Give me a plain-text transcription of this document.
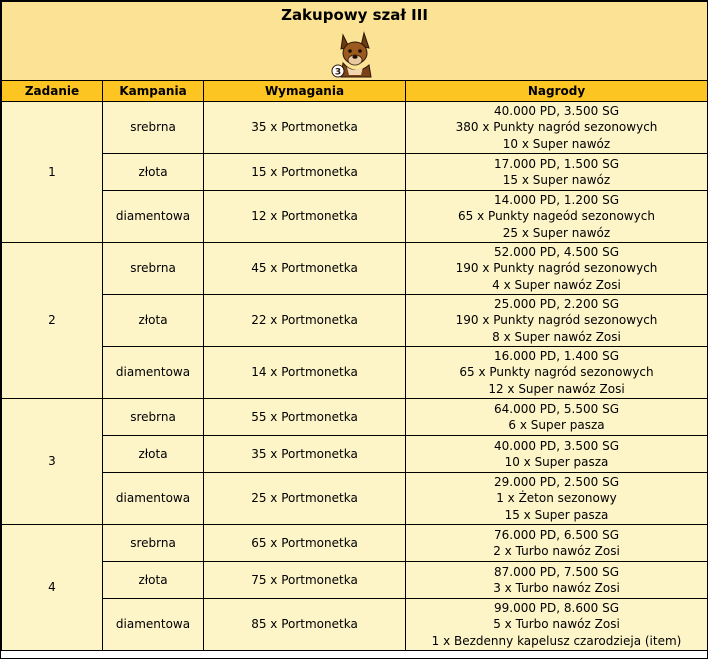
Zakupowy szał III			

3			

Zadanie	Kampania	Wymagania	Nagrody
1	srebrna	35 x Portmonetka	40.000 PD, 3.500 SG
380 x Punkty nagród sezonowych
10 x Super nawóz

	złota	15 x Portmonetka	17.000 PD, 1.500 SG
15 x Super nawóz

	diamentowa	12 x Portmonetka	14.000 PD, 1.200 SG
65 x Punkty nageód sezonowych
25 x Super nawóz

2	srebrna	45 x Portmonetka	52.000 PD, 4.500 SG
190 x Punkty nagród sezonowych
4 x Super nawóz Zosi

	złota	22 x Portmonetka	25.000 PD, 2.200 SG
190 x Punkty nagród sezonowych
8 x Super nawóz Zosi

	diamentowa	14 x Portmonetka	16.000 PD, 1.400 SG
65 x Punkty nagród sezonowych
12 x Super nawóz Zosi

3	srebrna	55 x Portmonetka	64.000 PD, 5.500 SG
6 x Super pasza

	złota	35 x Portmonetka	40.000 PD, 3.500 SG
10 x Super pasza

	diamentowa	25 x Portmonetka	29.000 PD, 2.500 SG
1 x Żeton sezonowy
15 x Super pasza

4	srebrna	65 x Portmonetka	76.000 PD, 6.500 SG
2 x Turbo nawóz Zosi

	złota	75 x Portmonetka	87.000 PD, 7.500 SG
3 x Turbo nawóz Zosi

	diamentowa	85 x Portmonetka	99.000 PD, 8.600 SG
5 x Turbo nawóz Zosi
1 x Bezdenny kapelusz czarodzieja (item)
